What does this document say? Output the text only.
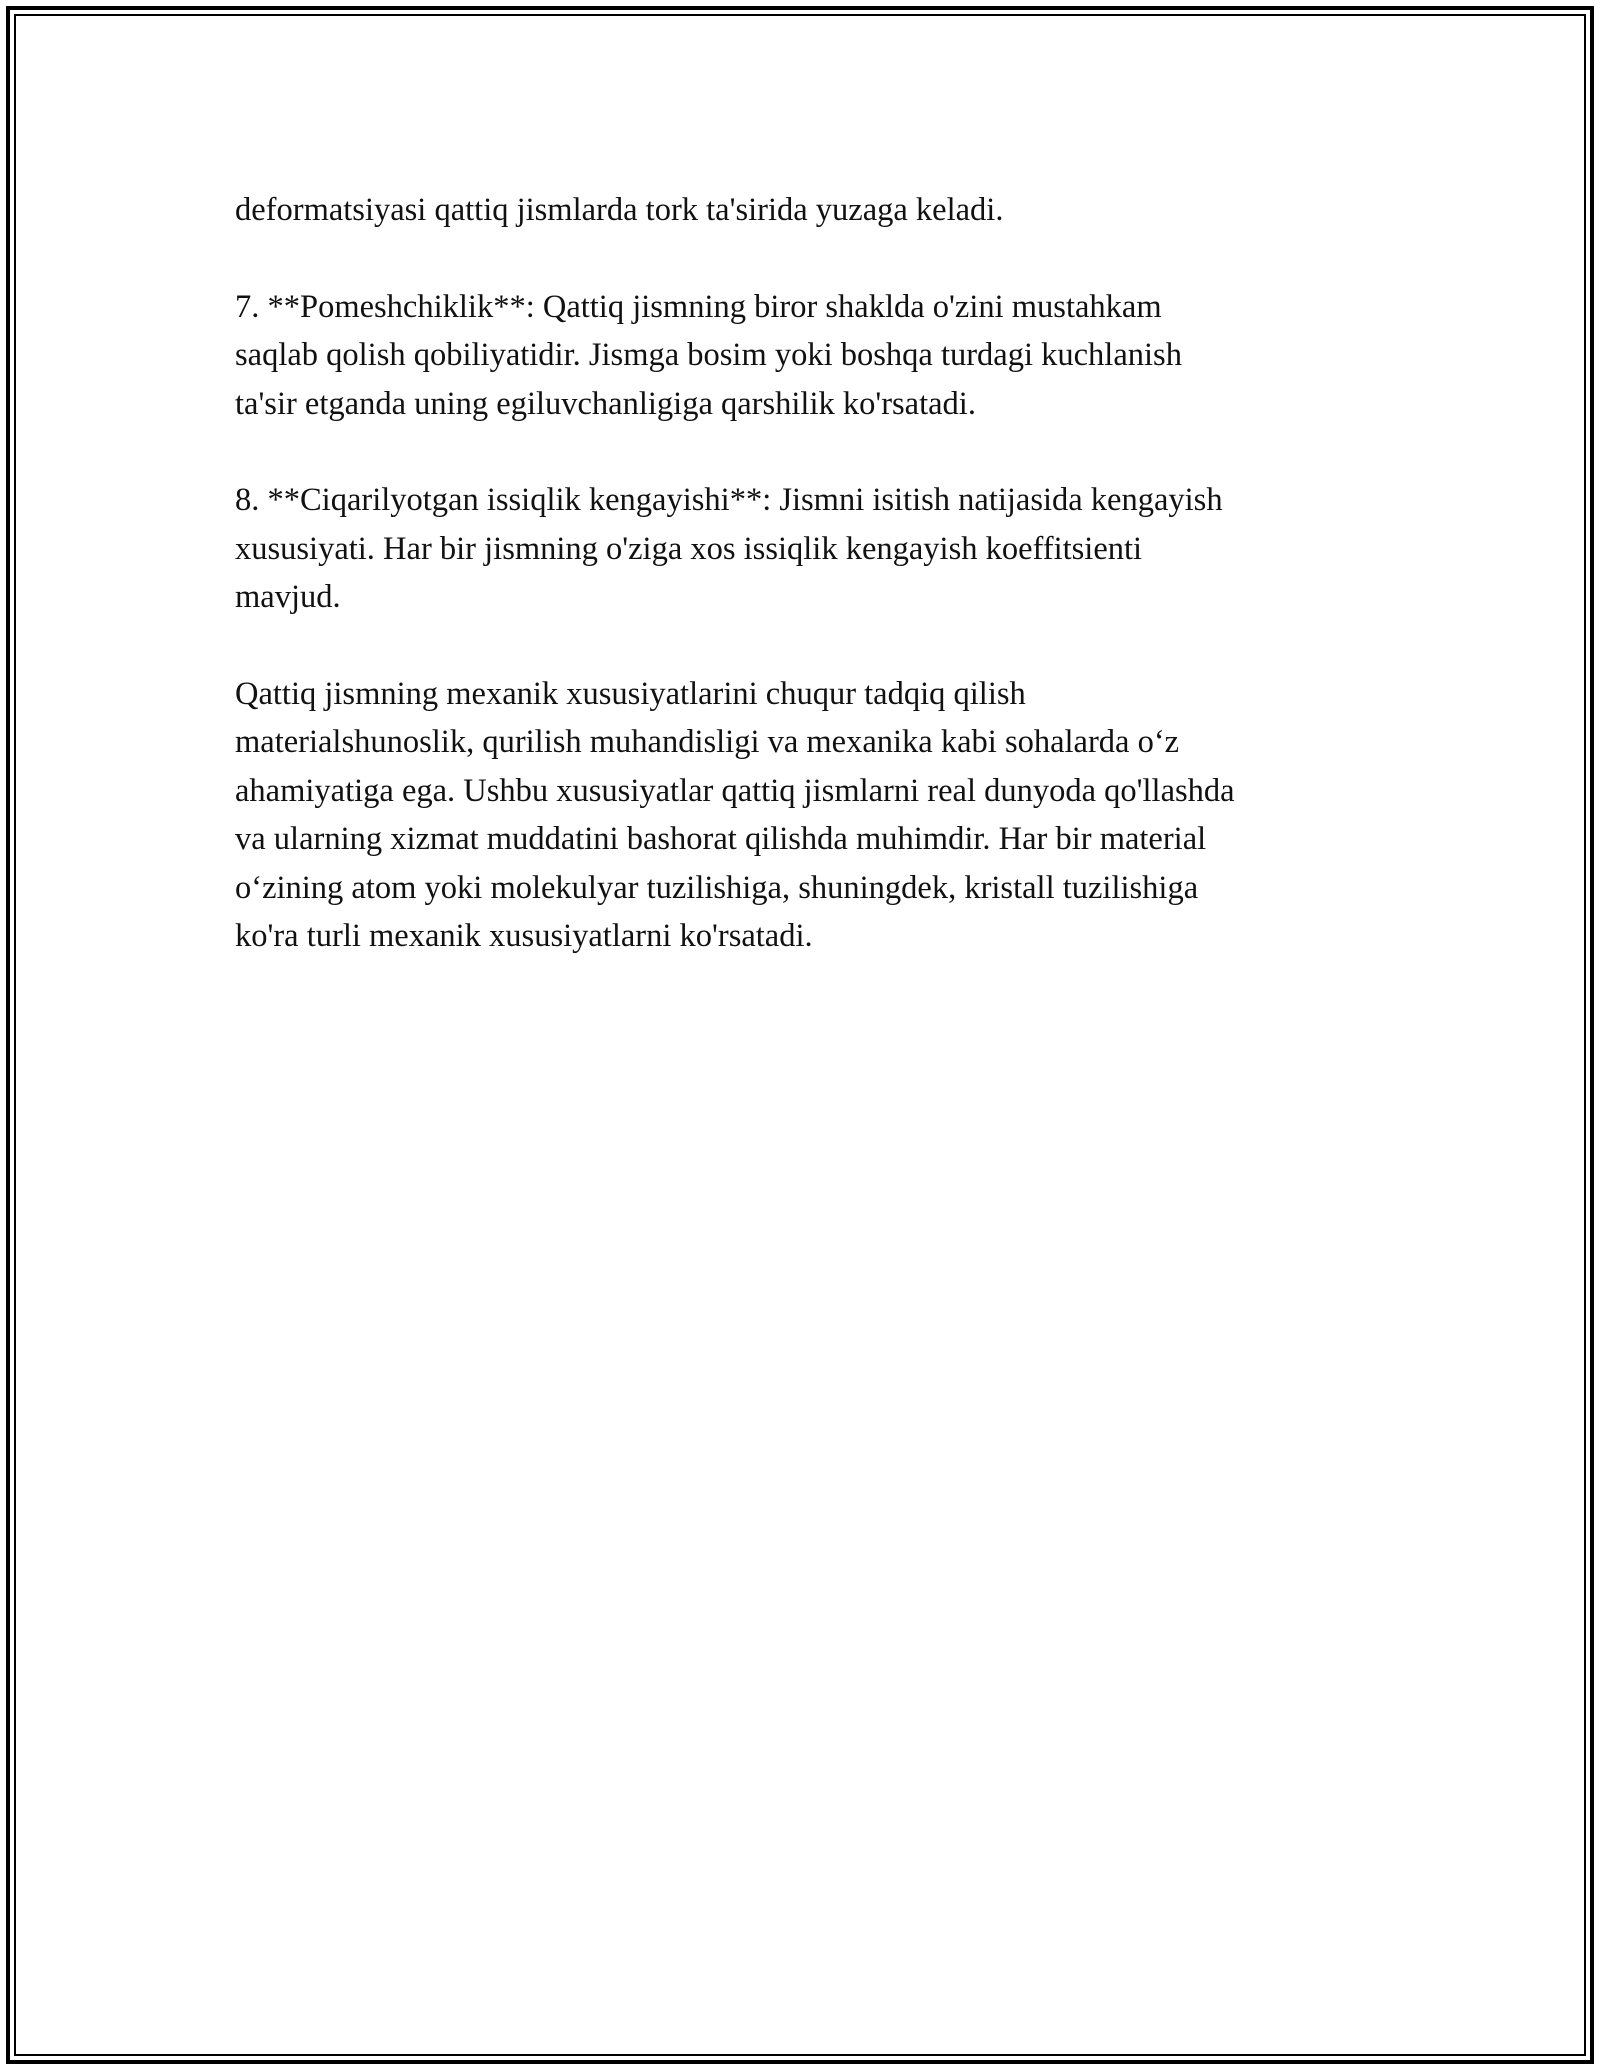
deformatsiyasi qattiq jismlarda tork ta'sirida yuzaga keladi.

7. **Pomeshchiklik**: Qattiq jismning biror shaklda o'zini mustahkam
saqlab qolish qobiliyatidir. Jismga bosim yoki boshqa turdagi kuchlanish
ta'sir etganda uning egiluvchanligiga qarshilik ko'rsatadi.

8. **Ciqarilyotgan issiqlik kengayishi**: Jismni isitish natijasida kengayish
xususiyati. Har bir jismning o'ziga xos issiqlik kengayish koeffitsienti
mavjud.

Qattiq jismning mexanik xususiyatlarini chuqur tadqiq qilish
materialshunoslik, qurilish muhandisligi va mexanika kabi sohalarda o‘z
ahamiyatiga ega. Ushbu xususiyatlar qattiq jismlarni real dunyoda qo'llashda
va ularning xizmat muddatini bashorat qilishda muhimdir. Har bir material
o‘zining atom yoki molekulyar tuzilishiga, shuningdek, kristall tuzilishiga
ko'ra turli mexanik xususiyatlarni ko'rsatadi.
